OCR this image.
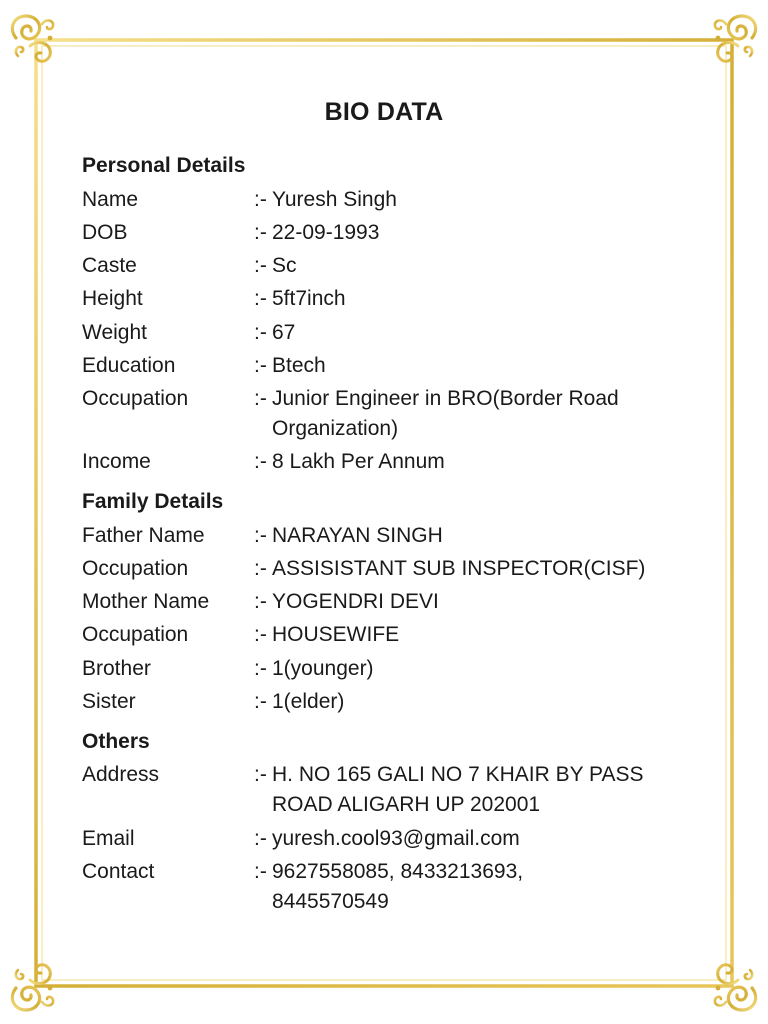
BIO DATA
Personal Details
Name	:- Yuresh Singh
DOB	:- 22-09-1993
Caste	:- Sc
Height	:- 5ft7inch
Weight	:- 67
Education	:- Btech
Occupation	:- Junior Engineer in BRO(Border Road
Organization)
Income	:- 8 Lakh Per Annum
Family Details
Father Name :- NARAYAN SINGH
Occupation	:- ASSISISTANT SUB INSPECTOR(CISF)
Mother Name :- YOGENDRI DEVI
Occupation	:- HOUSEWIFE
Brother	:- 1(younger)
Sister	:- 1(elder)
Others
Address	:- H. NO 165 GALI NO 7 KHAIR BY PASS
ROAD ALIGARH UP 202001
Email	:- yuresh.cool93@gmail.com
Contact	:- 9627558085, 8433213693,
8445570549
